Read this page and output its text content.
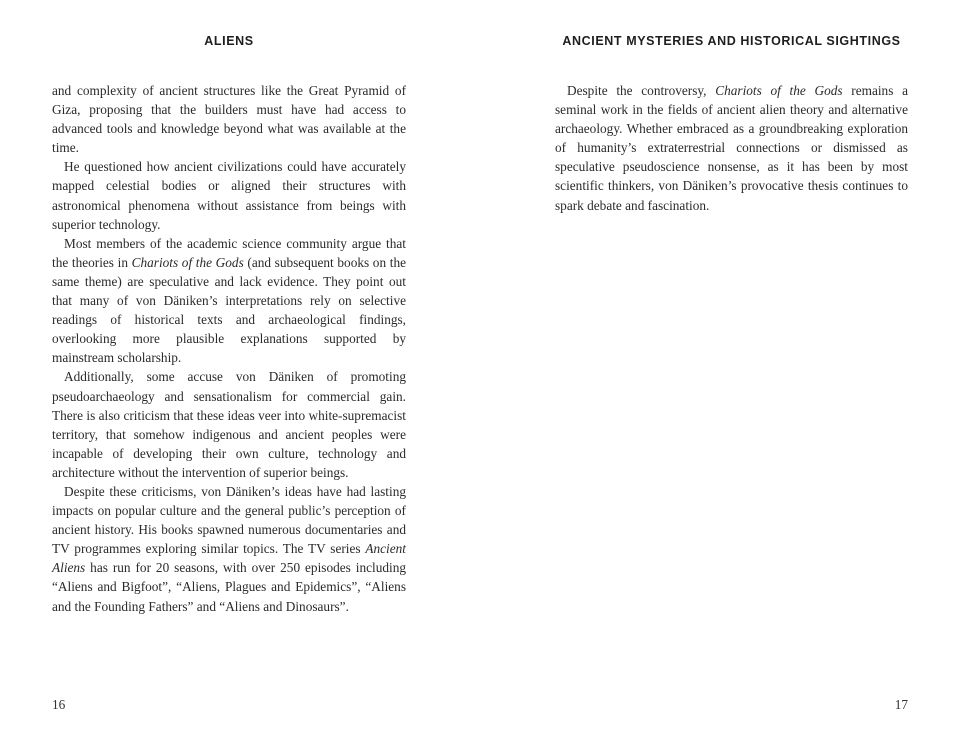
ALIENS

and complexity of ancient structures like the Great Pyramid of Giza, proposing that the builders must have had access to advanced tools and knowledge beyond what was available at the time.

He questioned how ancient civilizations could have accurately mapped celestial bodies or aligned their structures with astronomical phenomena without assistance from beings with superior technology.

Most members of the academic science community argue that the theories in Chariots of the Gods (and subsequent books on the same theme) are speculative and lack evidence. They point out that many of von Däniken’s interpretations rely on selective readings of historical texts and archaeological findings, overlooking more plausible explanations supported by mainstream scholarship.

Additionally, some accuse von Däniken of promoting pseudoarchaeology and sensationalism for commercial gain. There is also criticism that these ideas veer into white-supremacist territory, that somehow indigenous and ancient peoples were incapable of developing their own culture, technology and architecture without the intervention of superior beings.

Despite these criticisms, von Däniken’s ideas have had lasting impacts on popular culture and the general public’s perception of ancient history. His books spawned numerous documentaries and TV programmes exploring similar topics. The TV series Ancient Aliens has run for 20 seasons, with over 250 episodes including “Aliens and Bigfoot”, “Aliens, Plagues and Epidemics”, “Aliens and the Founding Fathers” and “Aliens and Dinosaurs”.

16
ANCIENT MYSTERIES AND HISTORICAL SIGHTINGS

Despite the controversy, Chariots of the Gods remains a seminal work in the fields of ancient alien theory and alternative archaeology. Whether embraced as a groundbreaking exploration of humanity’s extraterrestrial connections or dismissed as speculative pseudoscience nonsense, as it has been by most scientific thinkers, von Däniken’s provocative thesis continues to spark debate and fascination.

17
